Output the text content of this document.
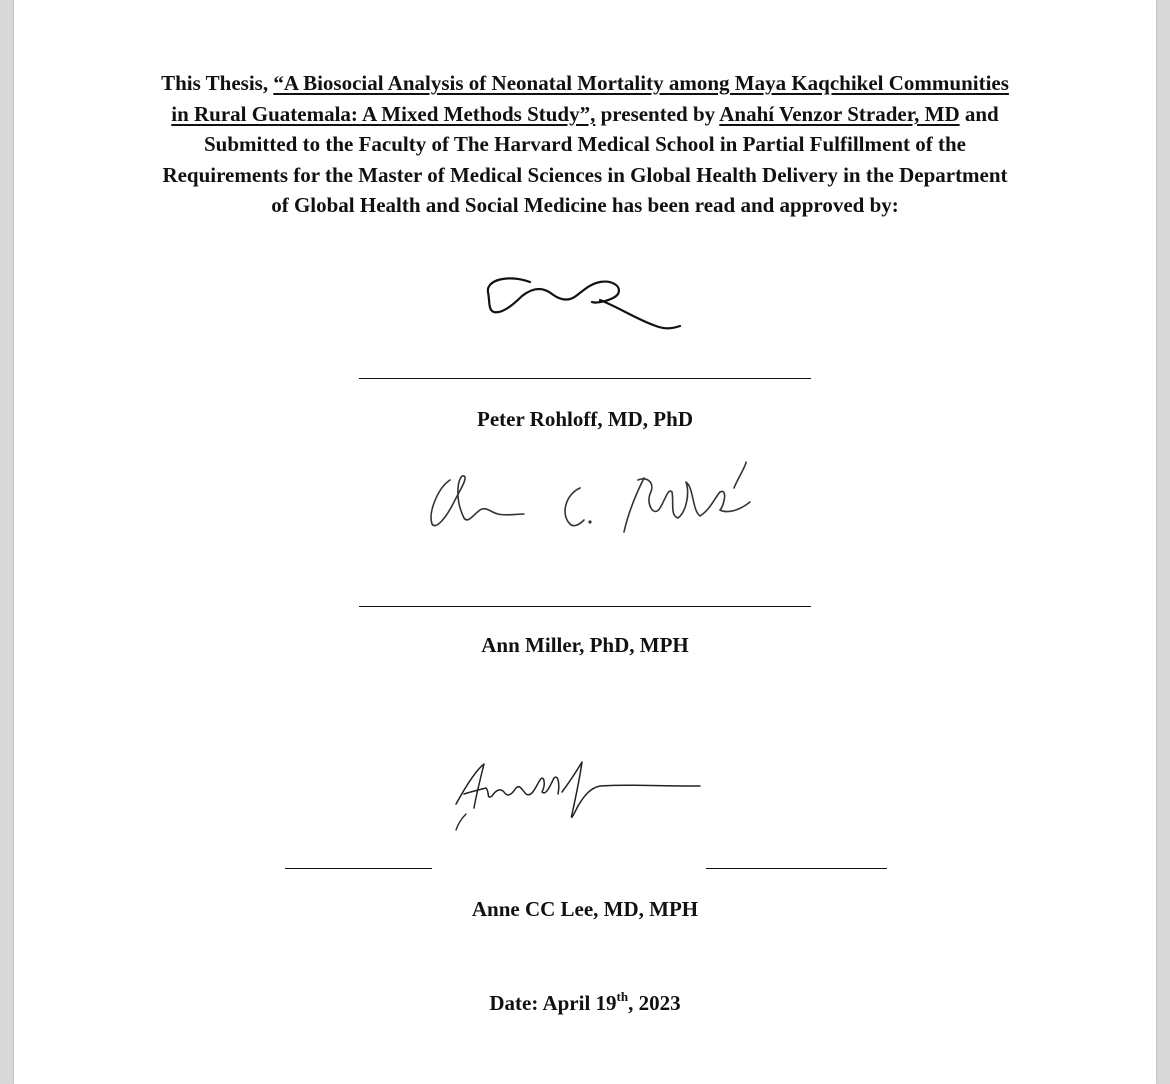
This Thesis, “A Biosocial Analysis of Neonatal Mortality among Maya Kaqchikel Communities in Rural Guatemala: A Mixed Methods Study”, presented by Anahí Venzor Strader, MD and Submitted to the Faculty of The Harvard Medical School in Partial Fulfillment of the Requirements for the Master of Medical Sciences in Global Health Delivery in the Department of Global Health and Social Medicine has been read and approved by:
Peter Rohloff, MD, PhD
Ann Miller, PhD, MPH
Anne CC Lee, MD, MPH
Date: April 19th, 2023
